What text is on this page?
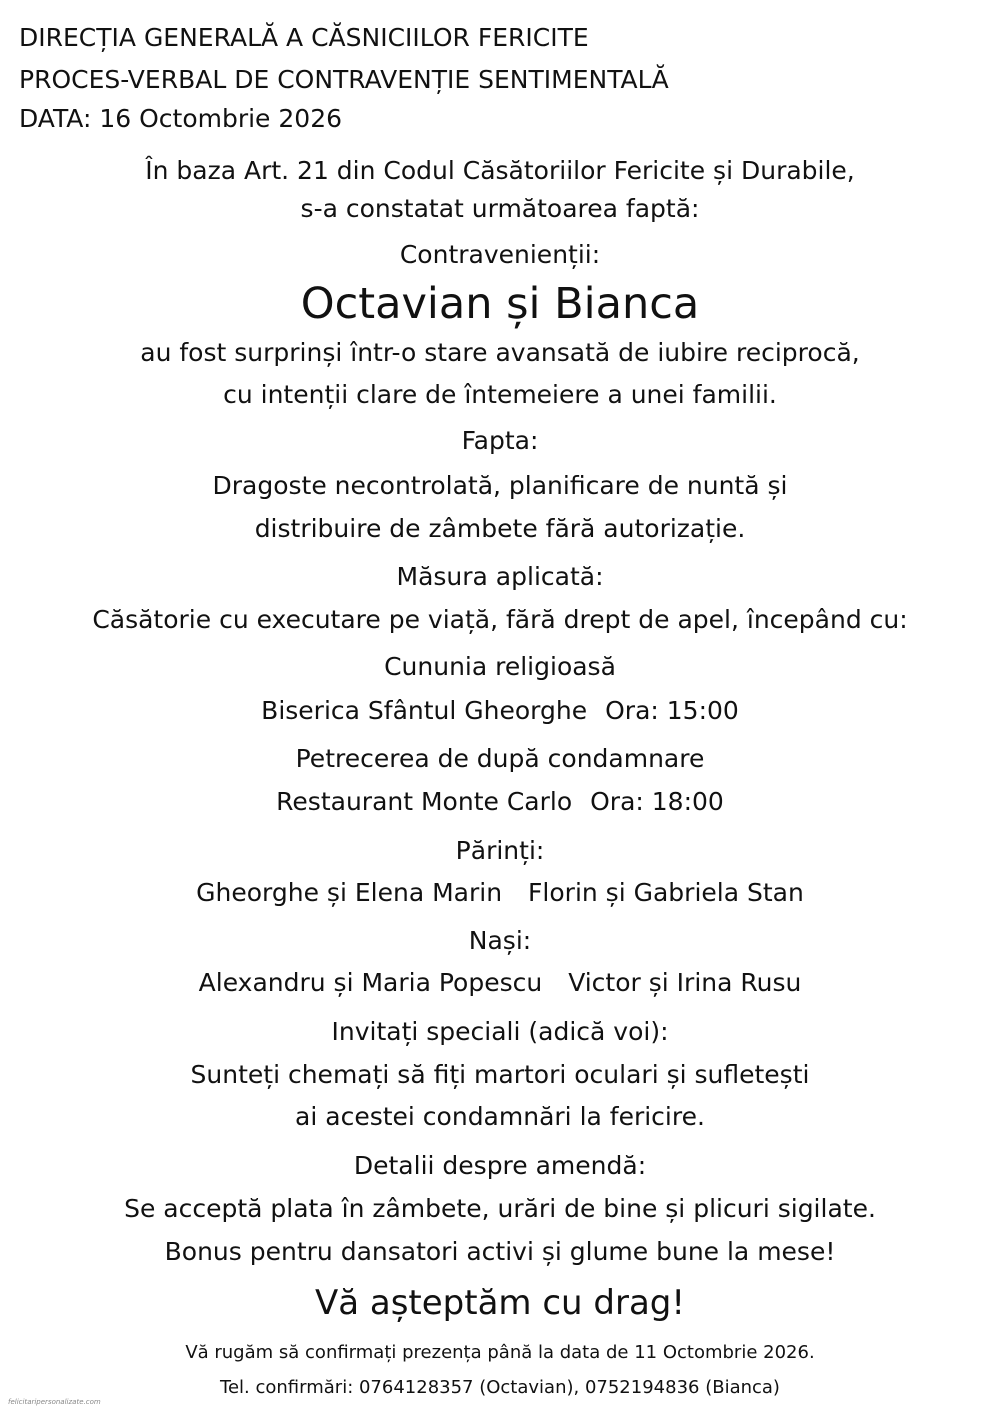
DIRECȚIA GENERALĂ A CĂSNICIILOR FERICITE
PROCES-VERBAL DE CONTRAVENȚIE SENTIMENTALĂ
DATA: 16 Octombrie 2026
În baza Art. 21 din Codul Căsătoriilor Fericite și Durabile,
s-a constatat următoarea faptă:
Contravenienții:
Octavian și Bianca
au fost surprinși într-o stare avansată de iubire reciprocă,
cu intenții clare de întemeiere a unei familii.
Fapta:
Dragoste necontrolată, planificare de nuntă și
distribuire de zâmbete fără autorizație.
Măsura aplicată:
Căsătorie cu executare pe viață, fără drept de apel, începând cu:
Cununia religioasă
Biserica Sfântul Gheorghe Ora: 15:00
Petrecerea de după condamnare
Restaurant Monte Carlo Ora: 18:00
Părinți:
Gheorghe și Elena Marin Florin și Gabriela Stan
Nași:
Alexandru și Maria Popescu Victor și Irina Rusu
Invitați speciali (adică voi):
Sunteți chemați să fiți martori oculari și sufletești
ai acestei condamnări la fericire.
Detalii despre amendă:
Se acceptă plata în zâmbete, urări de bine și plicuri sigilate.
Bonus pentru dansatori activi și glume bune la mese!
Vă așteptăm cu drag!
Vă rugăm să confirmați prezența până la data de 11 Octombrie 2026.
Tel. confirmări: 0764128357 (Octavian), 0752194836 (Bianca)
felicitaripersonalizate.com
